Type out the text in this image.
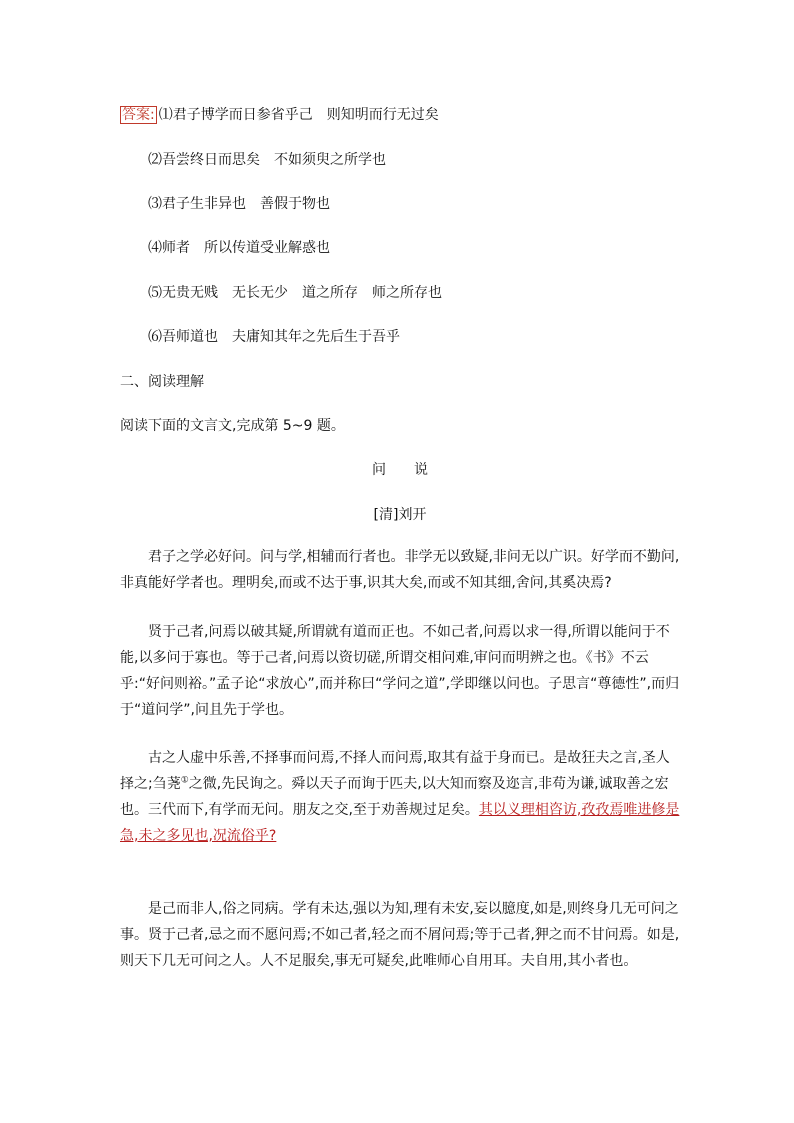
答案: ⑴君子博学而日参省乎己　则知明而行无过矣
⑵吾尝终日而思矣　不如须臾之所学也
⑶君子生非异也　善假于物也
⑷师者　所以传道受业解惑也
⑸无贵无贱　无长无少　道之所存　师之所存也
⑹吾师道也　夫庸知其年之先后生于吾乎
二、阅读理解
阅读下面的文言文,完成第 5~9 题。
问　　说
[清]刘开

君子之学必好问。问与学,相辅而行者也。非学无以致疑,非问无以广识。好学而不勤问,非真能好学者也。理明矣,而或不达于事,识其大矣,而或不知其细,舍问,其奚决焉?

贤于己者,问焉以破其疑,所谓就有道而正也。不如己者,问焉以求一得,所谓以能问于不能,以多问于寡也。等于己者,问焉以资切磋,所谓交相问难,审问而明辨之也。《书》不云乎:“好问则裕。”孟子论“求放心”,而并称曰“学问之道”,学即继以问也。子思言“尊德性”,而归于“道问学”,问且先于学也。

古之人虚中乐善,不择事而问焉,不择人而问焉,取其有益于身而已。是故狂夫之言,圣人择之;刍荛①之微,先民询之。舜以天子而询于匹夫,以大知而察及迩言,非苟为谦,诚取善之宏也。三代而下,有学而无问。朋友之交,至于劝善规过足矣。其以义理相咨访,孜孜焉唯进修是急,未之多见也,况流俗乎?

是己而非人,俗之同病。学有未达,强以为知,理有未安,妄以臆度,如是,则终身几无可问之事。贤于己者,忌之而不愿问焉;不如己者,轻之而不屑问焉;等于己者,狎之而不甘问焉。如是,则天下几无可问之人。人不足服矣,事无可疑矣,此唯师心自用耳。夫自用,其小者也。
